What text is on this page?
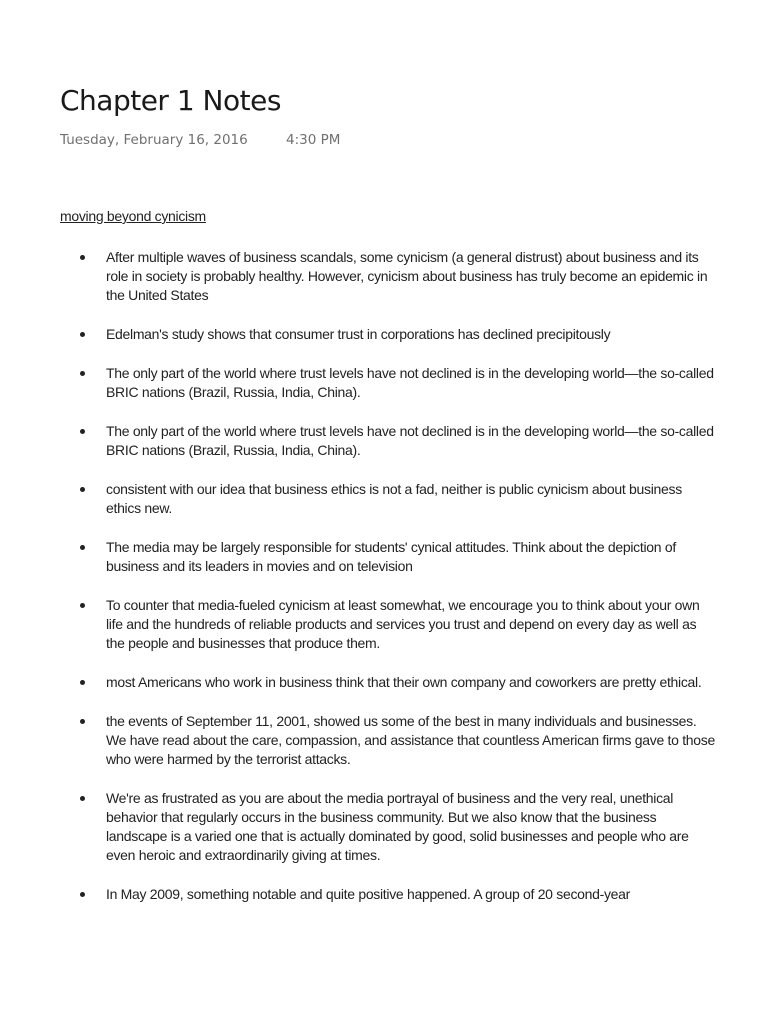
Chapter 1 Notes
Tuesday, February 16, 2016	4:30 PM
moving beyond cynicism
After multiple waves of business scandals, some cynicism (a general distrust) about business and its role in society is probably healthy. However, cynicism about business has truly become an epidemic in the United States
Edelman's study shows that consumer trust in corporations has declined precipitously
The only part of the world where trust levels have not declined is in the developing world—the so-called BRIC nations (Brazil, Russia, India, China).
The only part of the world where trust levels have not declined is in the developing world—the so-called BRIC nations (Brazil, Russia, India, China).
consistent with our idea that business ethics is not a fad, neither is public cynicism about business ethics new.
The media may be largely responsible for students' cynical attitudes. Think about the depiction of business and its leaders in movies and on television
To counter that media-fueled cynicism at least somewhat, we encourage you to think about your own life and the hundreds of reliable products and services you trust and depend on every day as well as the people and businesses that produce them.
most Americans who work in business think that their own company and coworkers are pretty ethical.
the events of September 11, 2001, showed us some of the best in many individuals and businesses. We have read about the care, compassion, and assistance that countless American firms gave to those who were harmed by the terrorist attacks.
We're as frustrated as you are about the media portrayal of business and the very real, unethical behavior that regularly occurs in the business community. But we also know that the business landscape is a varied one that is actually dominated by good, solid businesses and people who are even heroic and extraordinarily giving at times.
In May 2009, something notable and quite positive happened. A group of 20 second-year
